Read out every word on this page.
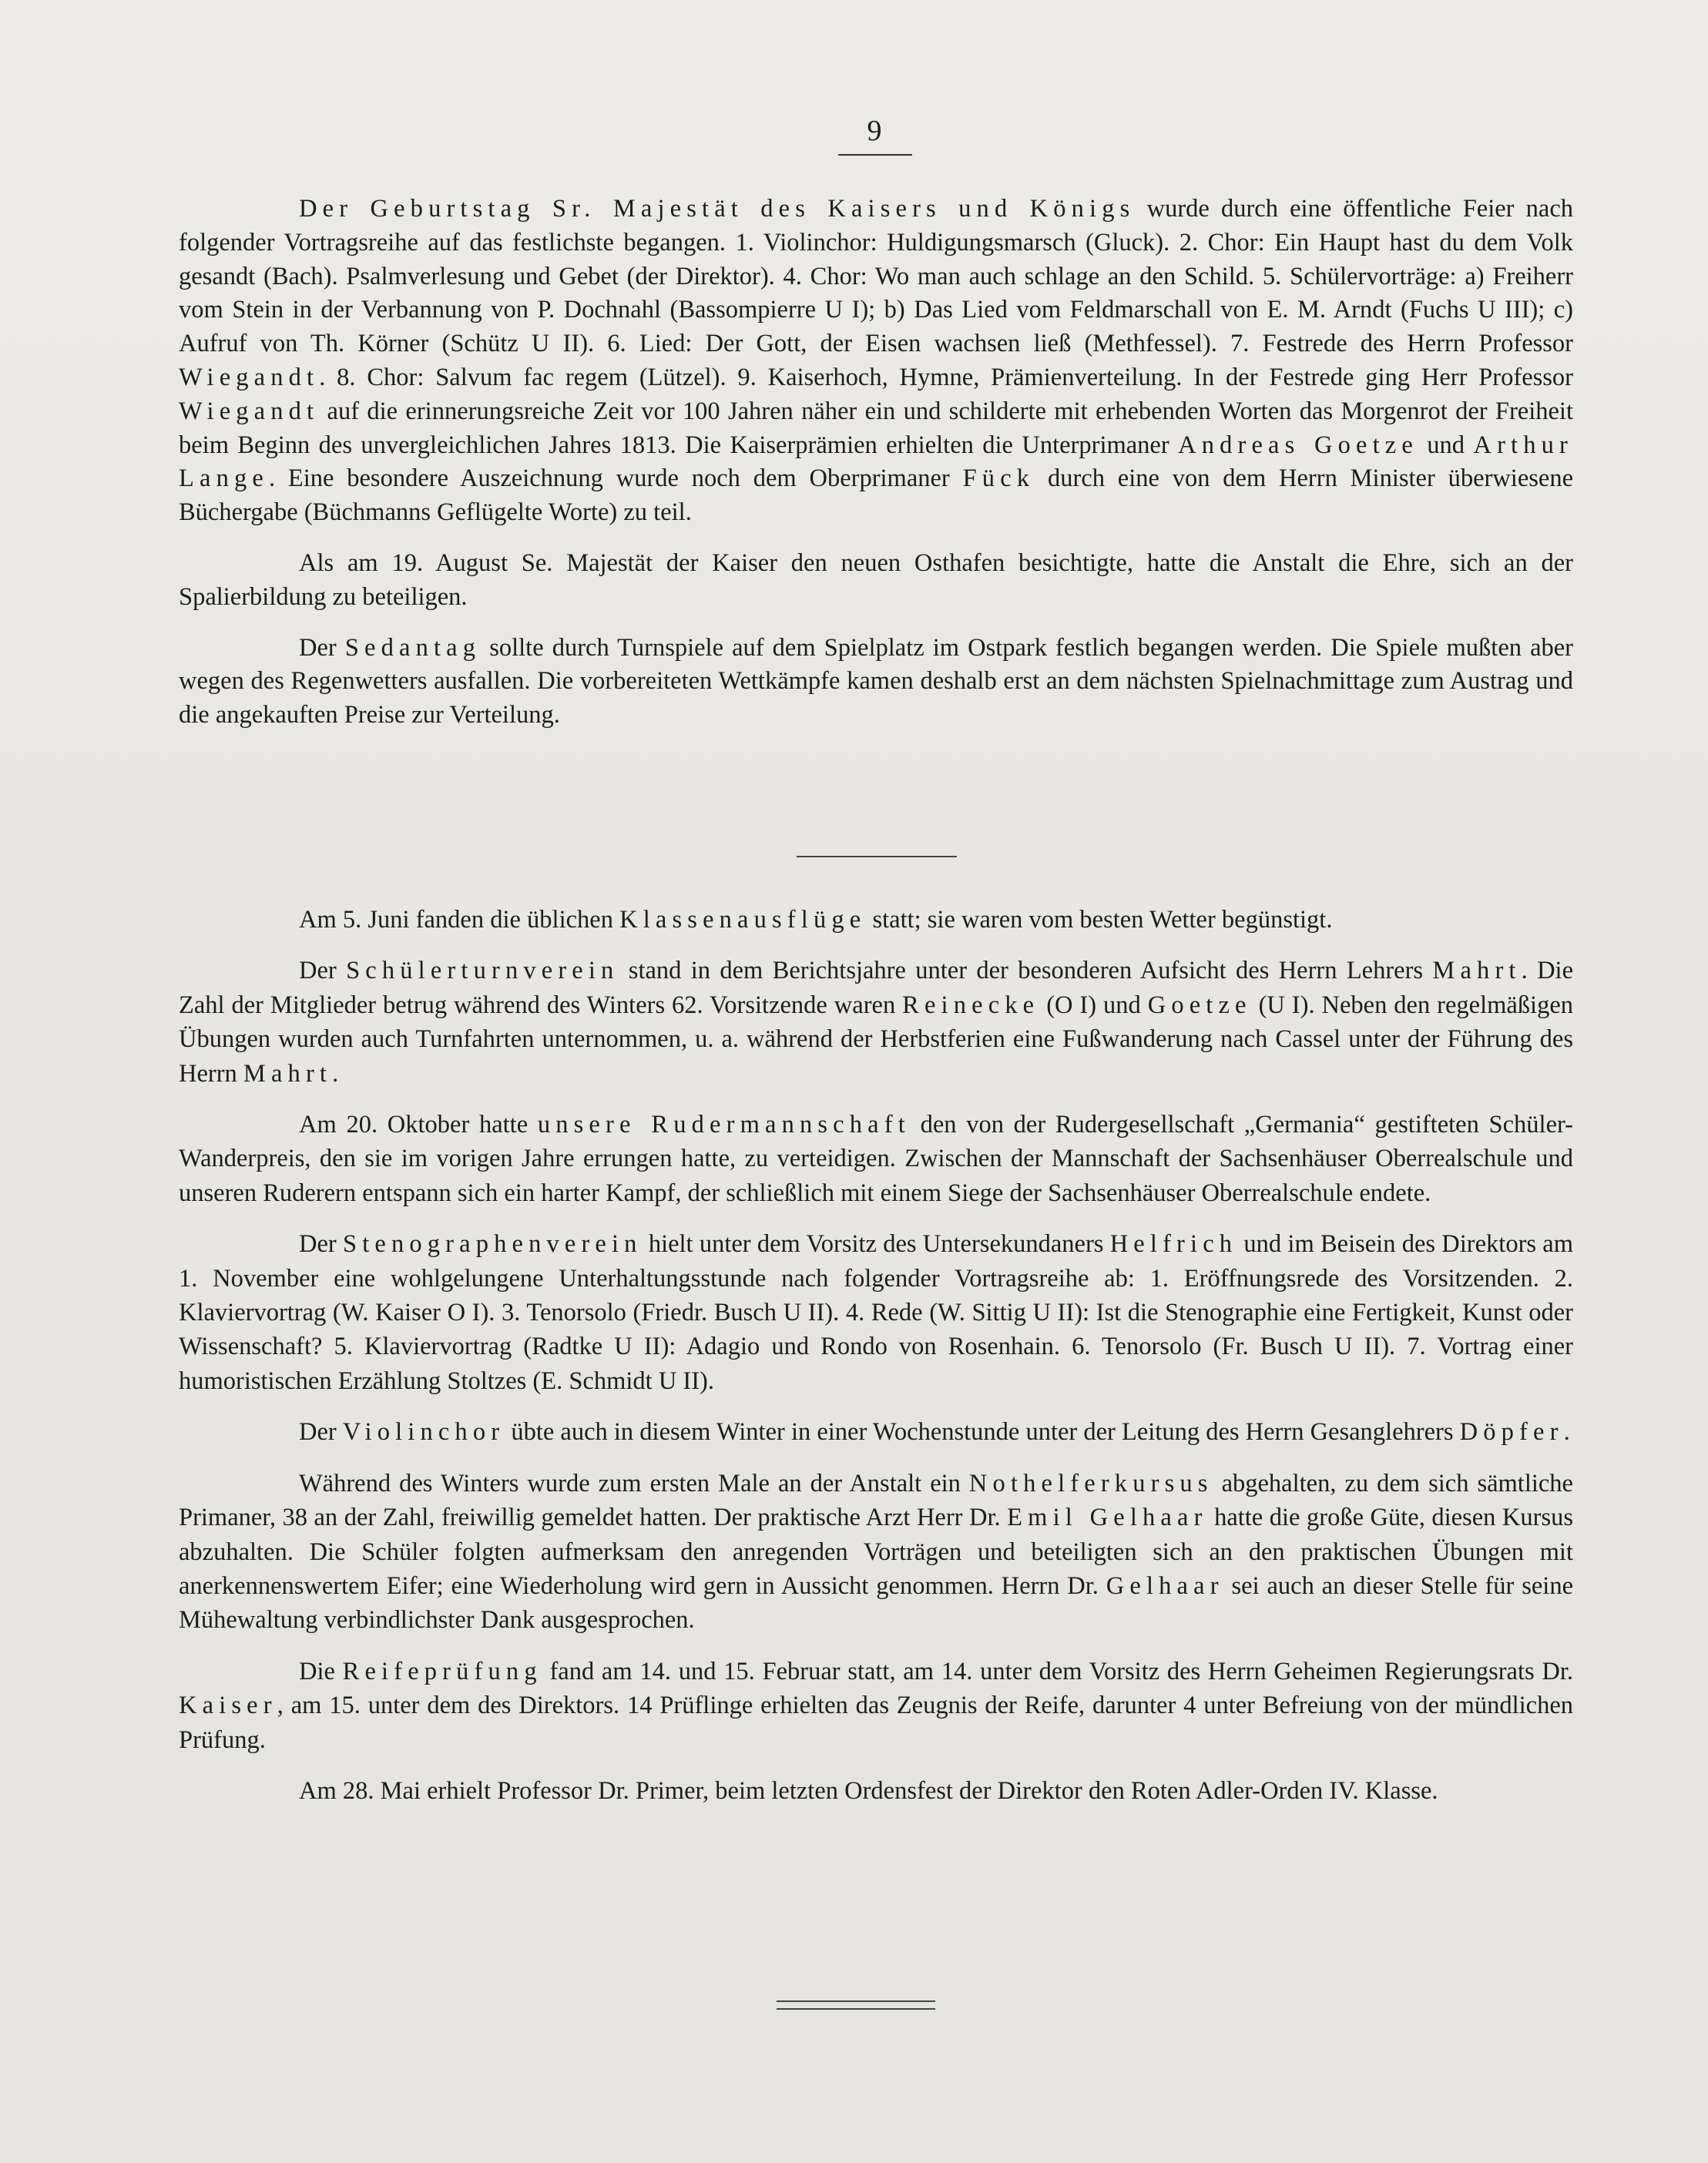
9

Der Geburtstag Sr. Majestät des Kaisers und Königs wurde durch eine öffentliche Feier nach folgender Vortragsreihe auf das festlichste begangen. 1. Violinchor: Huldigungsmarsch (Gluck). 2. Chor: Ein Haupt hast du dem Volk gesandt (Bach). Psalmverlesung und Gebet (der Direktor). 4. Chor: Wo man auch schlage an den Schild. 5. Schülervorträge: a) Freiherr vom Stein in der Verbannung von P. Dochnahl (Bassompierre U I); b) Das Lied vom Feldmarschall von E. M. Arndt (Fuchs U III); c) Aufruf von Th. Körner (Schütz U II). 6. Lied: Der Gott, der Eisen wachsen ließ (Methfessel). 7. Festrede des Herrn Professor Wiegandt. 8. Chor: Salvum fac regem (Lützel). 9. Kaiserhoch, Hymne, Prämienverteilung. In der Festrede ging Herr Professor Wiegandt auf die erinnerungsreiche Zeit vor 100 Jahren näher ein und schilderte mit erhebenden Worten das Morgenrot der Freiheit beim Beginn des unvergleichlichen Jahres 1813. Die Kaiserprämien erhielten die Unterprimaner Andreas Goetze und Arthur Lange. Eine besondere Auszeichnung wurde noch dem Oberprimaner Fück durch eine von dem Herrn Minister überwiesene Büchergabe (Büchmanns Geflügelte Worte) zu teil.

Als am 19. August Se. Majestät der Kaiser den neuen Osthafen besichtigte, hatte die Anstalt die Ehre, sich an der Spalierbildung zu beteiligen.

Der Sedantag sollte durch Turnspiele auf dem Spielplatz im Ostpark festlich begangen werden. Die Spiele mußten aber wegen des Regenwetters ausfallen. Die vorbereiteten Wettkämpfe kamen deshalb erst an dem nächsten Spielnachmittage zum Austrag und die angekauften Preise zur Verteilung.

Am 5. Juni fanden die üblichen Klassenausflüge statt; sie waren vom besten Wetter begünstigt.

Der Schülerturnverein stand in dem Berichtsjahre unter der besonderen Aufsicht des Herrn Lehrers Mahrt. Die Zahl der Mitglieder betrug während des Winters 62. Vorsitzende waren Reinecke (O I) und Goetze (U I). Neben den regelmäßigen Übungen wurden auch Turnfahrten unternommen, u. a. während der Herbstferien eine Fußwanderung nach Cassel unter der Führung des Herrn Mahrt.

Am 20. Oktober hatte unsere Rudermannschaft den von der Rudergesellschaft „Germania“ gestifteten Schüler-Wanderpreis, den sie im vorigen Jahre errungen hatte, zu verteidigen. Zwischen der Mannschaft der Sachsenhäuser Oberrealschule und unseren Ruderern entspann sich ein harter Kampf, der schließlich mit einem Siege der Sachsenhäuser Oberrealschule endete.

Der Stenographenverein hielt unter dem Vorsitz des Untersekundaners Helfrich und im Beisein des Direktors am 1. November eine wohlgelungene Unterhaltungsstunde nach folgender Vortragsreihe ab: 1. Eröffnungsrede des Vorsitzenden. 2. Klaviervortrag (W. Kaiser O I). 3. Tenorsolo (Friedr. Busch U II). 4. Rede (W. Sittig U II): Ist die Stenographie eine Fertigkeit, Kunst oder Wissenschaft? 5. Klaviervortrag (Radtke U II): Adagio und Rondo von Rosenhain. 6. Tenorsolo (Fr. Busch U II). 7. Vortrag einer humoristischen Erzählung Stoltzes (E. Schmidt U II).

Der Violinchor übte auch in diesem Winter in einer Wochenstunde unter der Leitung des Herrn Gesanglehrers Döpfer.

Während des Winters wurde zum ersten Male an der Anstalt ein Nothelferkursus abgehalten, zu dem sich sämtliche Primaner, 38 an der Zahl, freiwillig gemeldet hatten. Der praktische Arzt Herr Dr. Emil Gelhaar hatte die große Güte, diesen Kursus abzuhalten. Die Schüler folgten aufmerksam den anregenden Vorträgen und beteiligten sich an den praktischen Übungen mit anerkennenswertem Eifer; eine Wiederholung wird gern in Aussicht genommen. Herrn Dr. Gelhaar sei auch an dieser Stelle für seine Mühewaltung verbindlichster Dank ausgesprochen.

Die Reifeprüfung fand am 14. und 15. Februar statt, am 14. unter dem Vorsitz des Herrn Geheimen Regierungsrats Dr. Kaiser, am 15. unter dem des Direktors. 14 Prüflinge erhielten das Zeugnis der Reife, darunter 4 unter Befreiung von der mündlichen Prüfung.

Am 28. Mai erhielt Professor Dr. Primer, beim letzten Ordensfest der Direktor den Roten Adler-Orden IV. Klasse.
